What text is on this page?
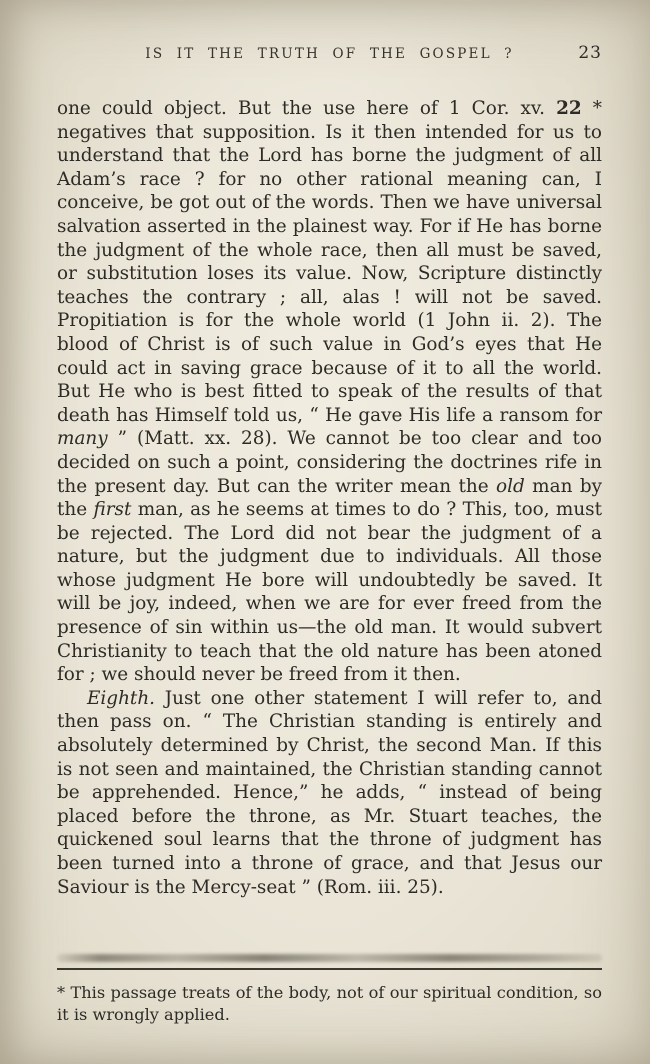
IS IT THE TRUTH OF THE GOSPEL ?	23

one could object. But the use here of 1 Cor. xv. 22 * negatives that supposition. Is it then intended for us to understand that the Lord has borne the judgment of all Adam’s race ? for no other rational meaning can, I conceive, be got out of the words. Then we have universal salvation asserted in the plainest way. For if He has borne the judgment of the whole race, then all must be saved, or substitution loses its value. Now, Scripture distinctly teaches the contrary ; all, alas ! will not be saved. Propitiation is for the whole world (1 John ii. 2). The blood of Christ is of such value in God’s eyes that He could act in saving grace because of it to all the world. But He who is best fitted to speak of the results of that death has Himself told us, “ He gave His life a ransom for many ” (Matt. xx. 28). We cannot be too clear and too decided on such a point, considering the doctrines rife in the present day. But can the writer mean the old man by the first man, as he seems at times to do ? This, too, must be rejected. The Lord did not bear the judgment of a nature, but the judgment due to individuals. All those whose judgment He bore will undoubtedly be saved. It will be joy, indeed, when we are for ever freed from the presence of sin within us—the old man. It would subvert Christianity to teach that the old nature has been atoned for ; we should never be freed from it then.

Eighth. Just one other statement I will refer to, and then pass on. “ The Christian standing is entirely and absolutely determined by Christ, the second Man. If this is not seen and maintained, the Christian standing cannot be apprehended. Hence,” he adds, “ instead of being placed before the throne, as Mr. Stuart teaches, the quickened soul learns that the throne of judgment has been turned into a throne of grace, and that Jesus our Saviour is the Mercy-seat ” (Rom. iii. 25).

* This passage treats of the body, not of our spiritual condition, so it is wrongly applied.
